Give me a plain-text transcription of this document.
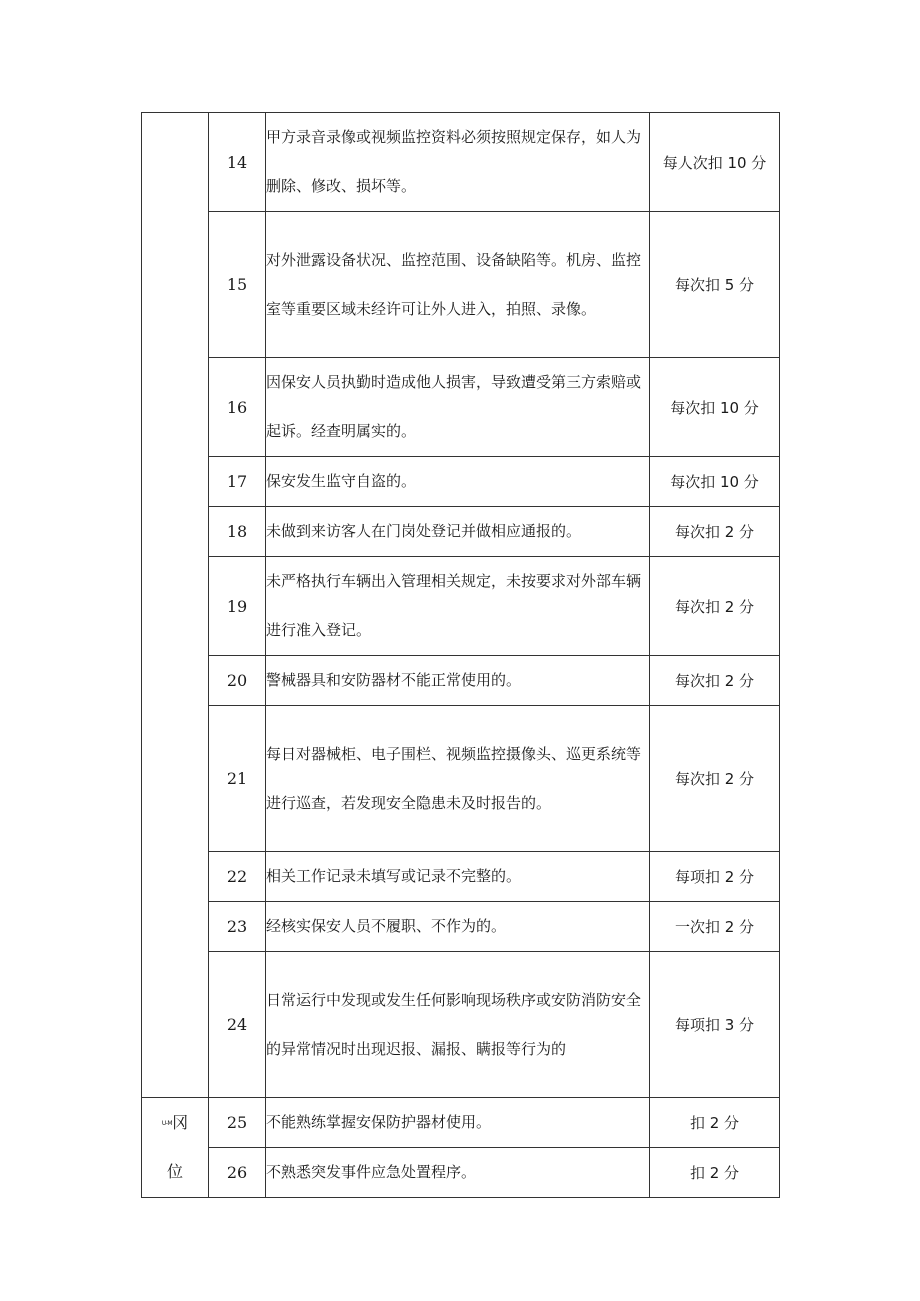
	14	甲方录音录像或视频监控资料必须按照规定保存，如人为删除、修改、损坏等。	每人次扣 10 分
	15	对外泄露设备状况、监控范围、设备缺陷等。机房、监控室等重要区域未经许可让外人进入，拍照、录像。	每次扣 5 分
	16	因保安人员执勤时造成他人损害，导致遭受第三方索赔或起诉。经查明属实的。	每次扣 10 分
	17	保安发生监守自盗的。	每次扣 10 分
	18	未做到来访客人在门岗处登记并做相应通报的。	每次扣 2 分
	19	未严格执行车辆出入管理相关规定，未按要求对外部车辆进行准入登记。	每次扣 2 分
	20	警械器具和安防器材不能正常使用的。	每次扣 2 分
	21	每日对器械柜、电子围栏、视频监控摄像头、巡更系统等进行巡查，若发现安全隐患未及时报告的。	每次扣 2 分
	22	相关工作记录未填写或记录不完整的。	每项扣 2 分
	23	经核实保安人员不履职、不作为的。	一次扣 2 分
	24	日常运行中发现或发生任何影响现场秩序或安防消防安全的异常情况时出现迟报、漏报、瞒报等行为的	每项扣 3 分

U-M冈
位	25	不能熟练掌握安保防护器材使用。	扣 2 分
	26	不熟悉突发事件应急处置程序。	扣 2 分
